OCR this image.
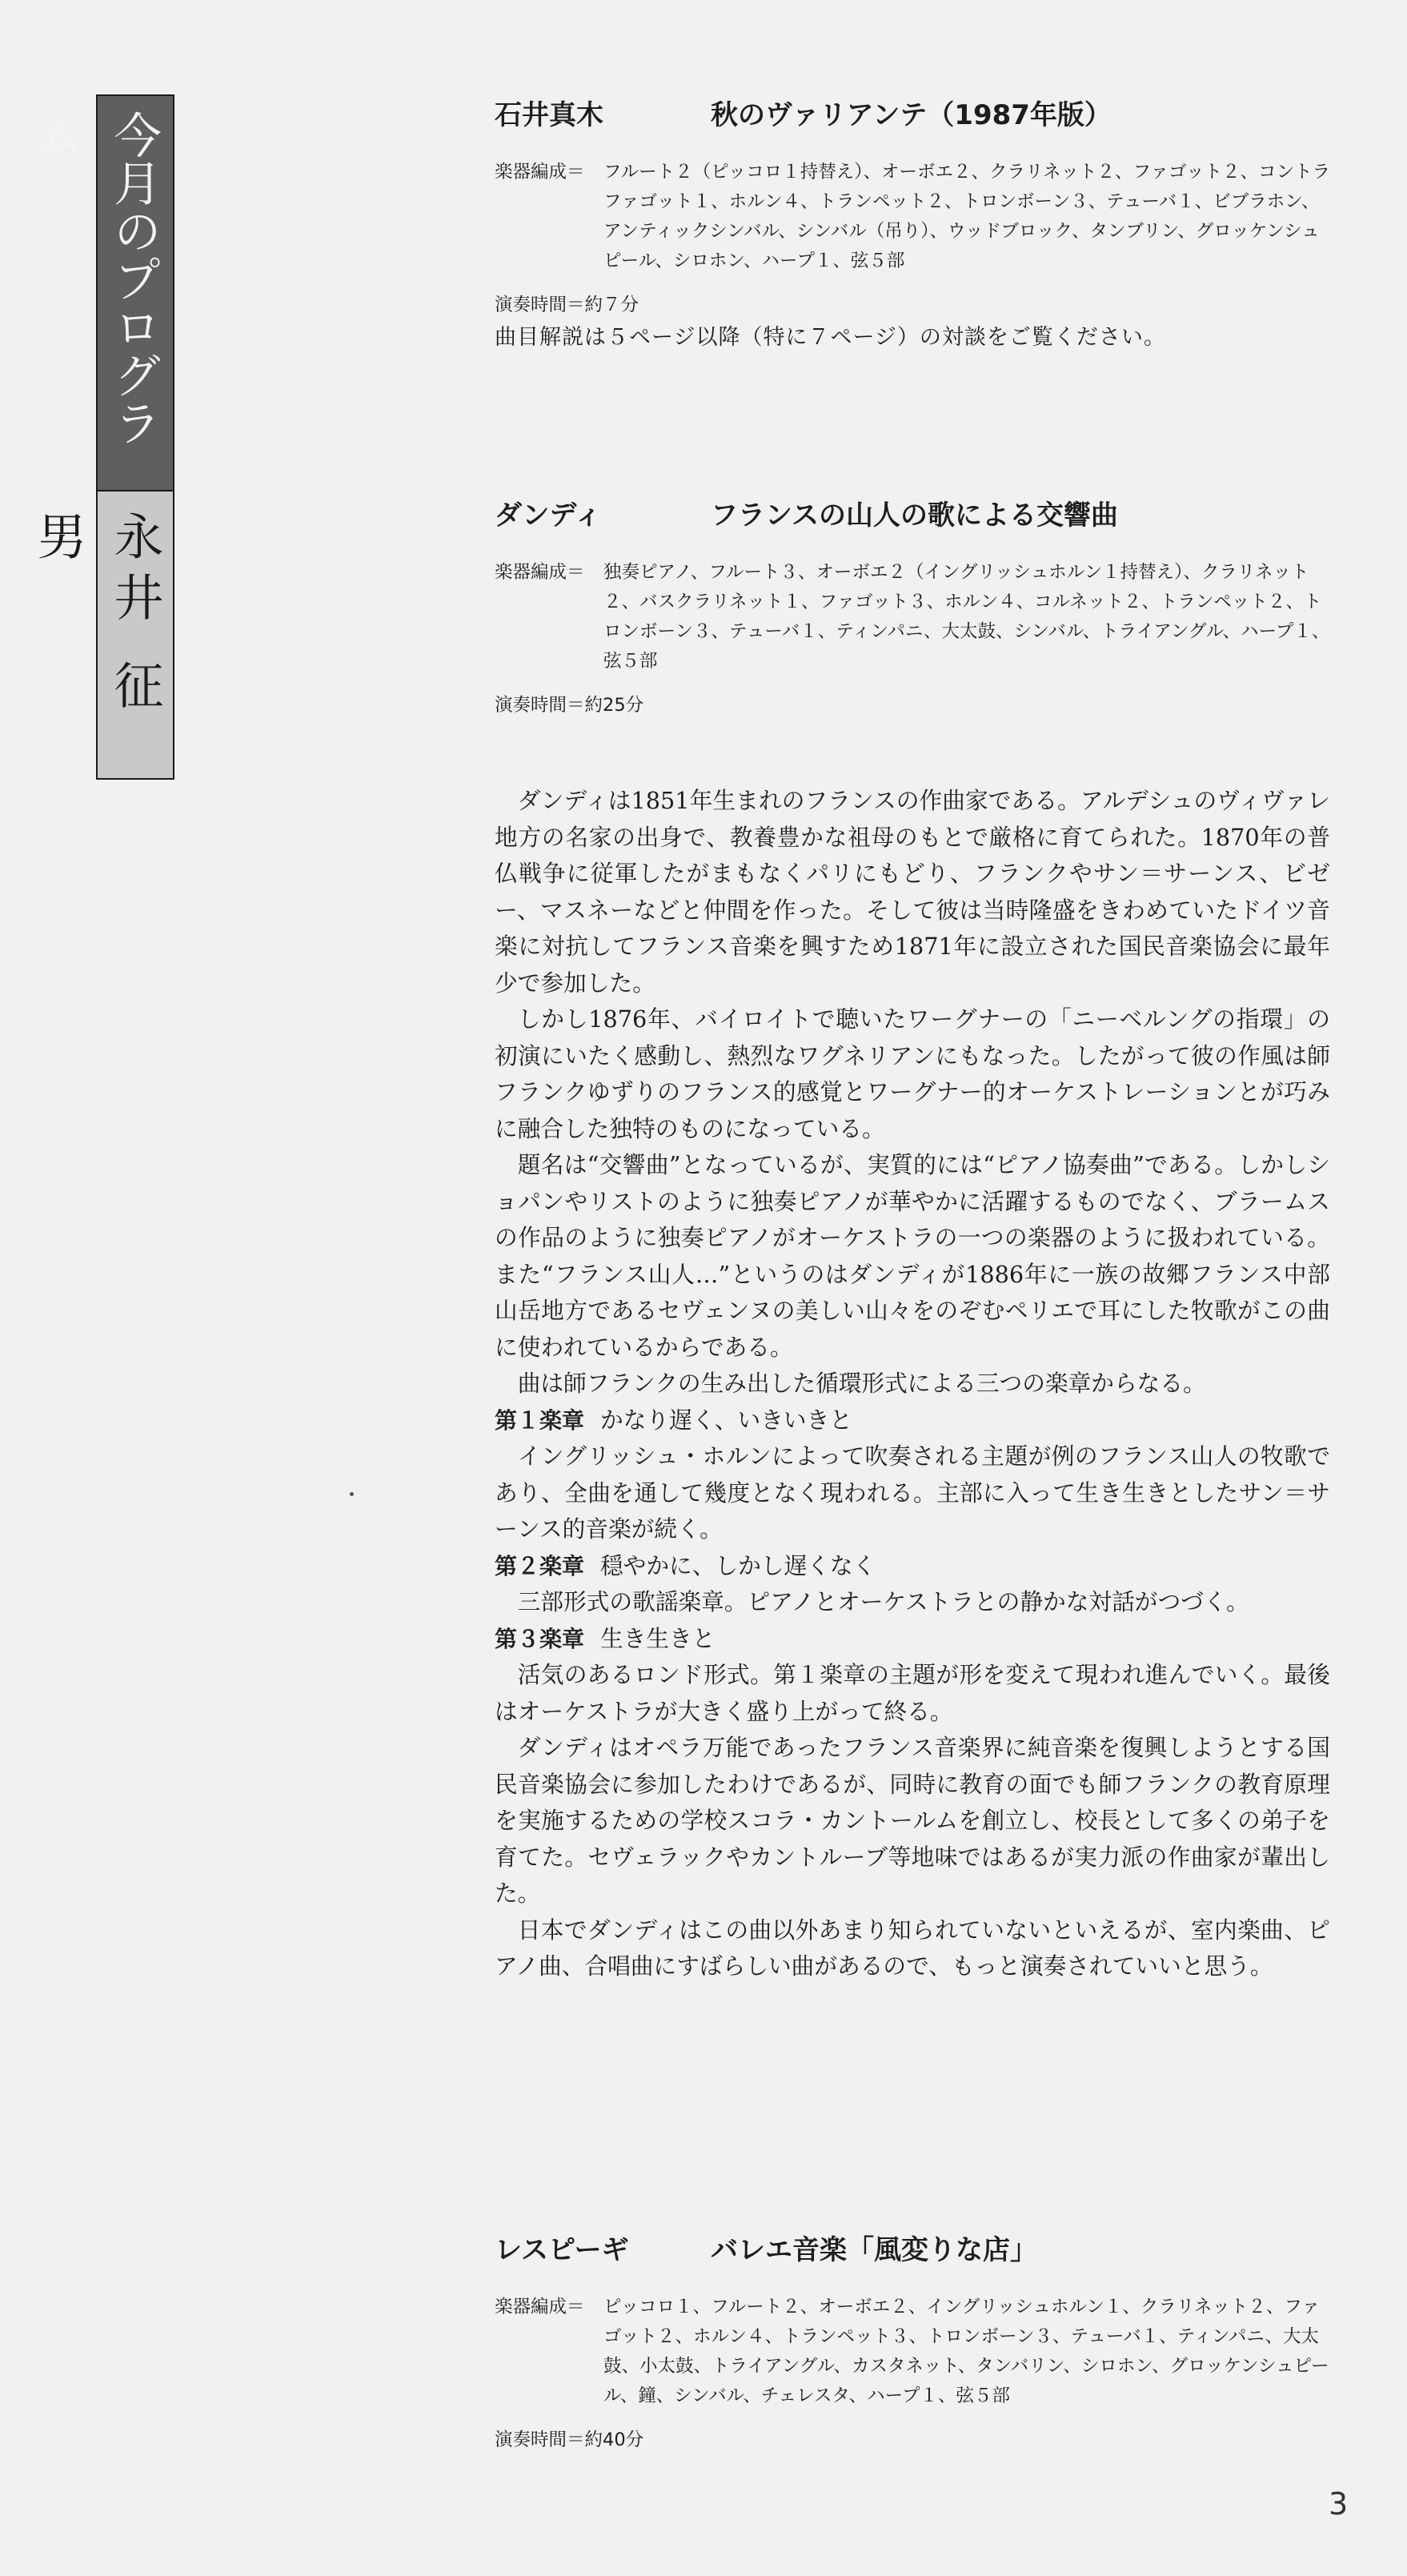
今月のプログラム
永井 征男
石井真木	秋のヴァリアンテ（1987年版）
楽器編成＝ フルート２（ピッコロ１持替え）、オーボエ２、クラリネット２、ファゴット２、コントラファゴット１、ホルン４、トランペット２、トロンボーン３、テューバ１、ビブラホン、アンティックシンバル、シンバル（吊り）、ウッドブロック、タンブリン、グロッケンシュピール、シロホン、ハープ１、弦５部
演奏時間＝約７分
曲目解説は５ページ以降（特に７ページ）の対談をご覧ください。
ダンディ	フランスの山人の歌による交響曲
楽器編成＝ 独奏ピアノ、フルート３、オーボエ２（イングリッシュホルン１持替え）、クラリネット２、バスクラリネット１、ファゴット３、ホルン４、コルネット２、トランペット２、トロンボーン３、テューバ１、ティンパニ、大太鼓、シンバル、トライアングル、ハープ１、弦５部
演奏時間＝約25分

ダンディは1851年生まれのフランスの作曲家である。アルデシュのヴィヴァレ地方の名家の出身で、教養豊かな祖母のもとで厳格に育てられた。1870年の普仏戦争に従軍したがまもなくパリにもどり、フランクやサン＝サーンス、ビゼー、マスネーなどと仲間を作った。そして彼は当時隆盛をきわめていたドイツ音楽に対抗してフランス音楽を興すため1871年に設立された国民音楽協会に最年少で参加した。

しかし1876年、バイロイトで聴いたワーグナーの「ニーベルングの指環」の初演にいたく感動し、熱烈なワグネリアンにもなった。したがって彼の作風は師フランクゆずりのフランス的感覚とワーグナー的オーケストレーションとが巧みに融合した独特のものになっている。

題名は“交響曲”となっているが、実質的には“ピアノ協奏曲”である。しかしショパンやリストのように独奏ピアノが華やかに活躍するものでなく、ブラームスの作品のように独奏ピアノがオーケストラの一つの楽器のように扱われている。また“フランス山人…”というのはダンディが1886年に一族の故郷フランス中部山岳地方であるセヴェンヌの美しい山々をのぞむペリエで耳にした牧歌がこの曲に使われているからである。

曲は師フランクの生み出した循環形式による三つの楽章からなる。

第１楽章 かなり遅く、いきいきと

イングリッシュ・ホルンによって吹奏される主題が例のフランス山人の牧歌であり、全曲を通して幾度となく現われる。主部に入って生き生きとしたサン＝サーンス的音楽が続く。

第２楽章 穏やかに、しかし遅くなく

三部形式の歌謡楽章。ピアノとオーケストラとの静かな対話がつづく。

第３楽章 生き生きと

活気のあるロンド形式。第１楽章の主題が形を変えて現われ進んでいく。最後はオーケストラが大きく盛り上がって終る。

ダンディはオペラ万能であったフランス音楽界に純音楽を復興しようとする国民音楽協会に参加したわけであるが、同時に教育の面でも師フランクの教育原理を実施するための学校スコラ・カントールムを創立し、校長として多くの弟子を育てた。セヴェラックやカントルーブ等地味ではあるが実力派の作曲家が輩出した。

日本でダンディはこの曲以外あまり知られていないといえるが、室内楽曲、ピアノ曲、合唱曲にすばらしい曲があるので、もっと演奏されていいと思う。

レスピーギ	バレエ音楽「風変りな店」
楽器編成＝ ピッコロ１、フルート２、オーボエ２、イングリッシュホルン１、クラリネット２、ファゴット２、ホルン４、トランペット３、トロンボーン３、テューバ１、ティンパニ、大太鼓、小太鼓、トライアングル、カスタネット、タンバリン、シロホン、グロッケンシュピール、鐘、シンバル、チェレスタ、ハープ１、弦５部
演奏時間＝約40分
3
